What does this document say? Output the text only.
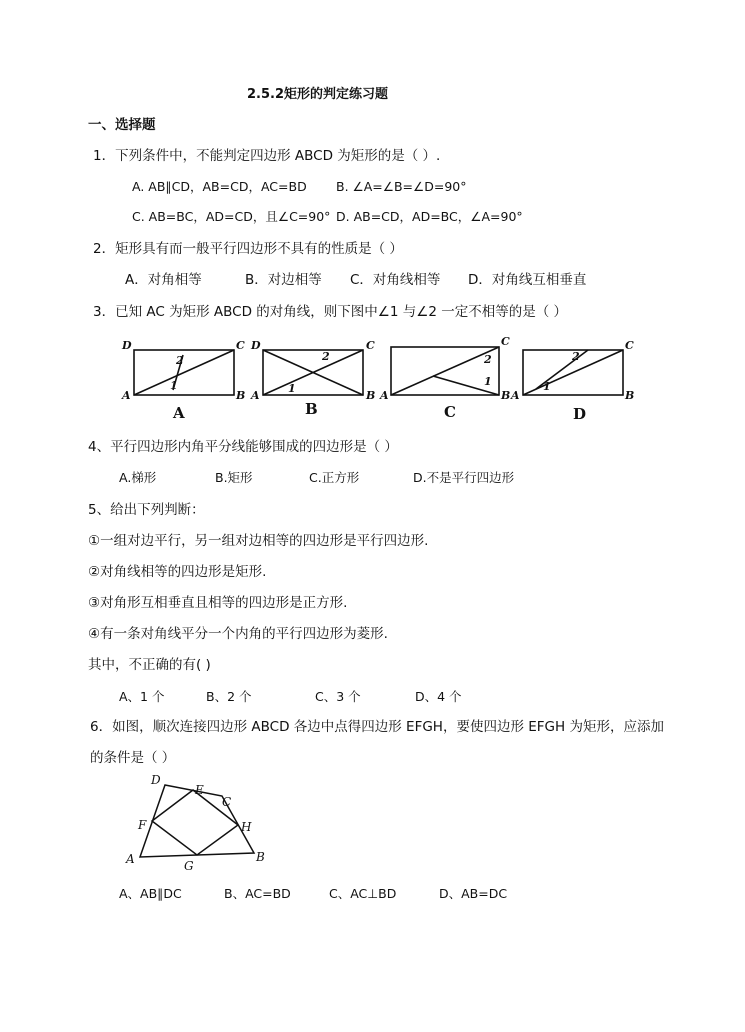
2.5.2矩形的判定练习题
一、选择题
1．下列条件中，不能判定四边形 ABCD 为矩形的是（ ）.
A. AB∥CD，AB=CD，AC=BD B. ∠A=∠B=∠D=90°
C. AB=BC，AD=CD，且∠C=90° D. AB=CD，AD=BC，∠A=90°
2．矩形具有而一般平行四边形不具有的性质是（ ）
A．对角相等	B．对边相等 C．对角线相等 D．对角线互相垂直
3．已知 AC 为矩形 ABCD 的对角线，则下图中∠1 与∠2 一定不相等的是（ ）
D	C
A	B
2
1
D	C
A	B
2
1
A
C
B
2
1
A
C
B
2
1
A	B	C	D
4、平行四边形内角平分线能够围成的四边形是（ ）
A.梯形	B.矩形	C.正方形	D.不是平行四边形
5、给出下列判断：
①一组对边平行，另一组对边相等的四边形是平行四边形.
②对角线相等的四边形是矩形.
③对角形互相垂直且相等的四边形是正方形.
④有一条对角线平分一个内角的平行四边形为菱形.
其中，不正确的有( )
A、1 个	B、2 个	C、3 个	D、4 个
6．如图，顺次连接四边形 ABCD 各边中点得四边形 EFGH，要使四边形 EFGH 为矩形，应添加
的条件是（ ）
A	B
C
D
E
F
G
H
A、AB∥DC	B、AC=BD	C、AC⊥BD	D、AB=DC
